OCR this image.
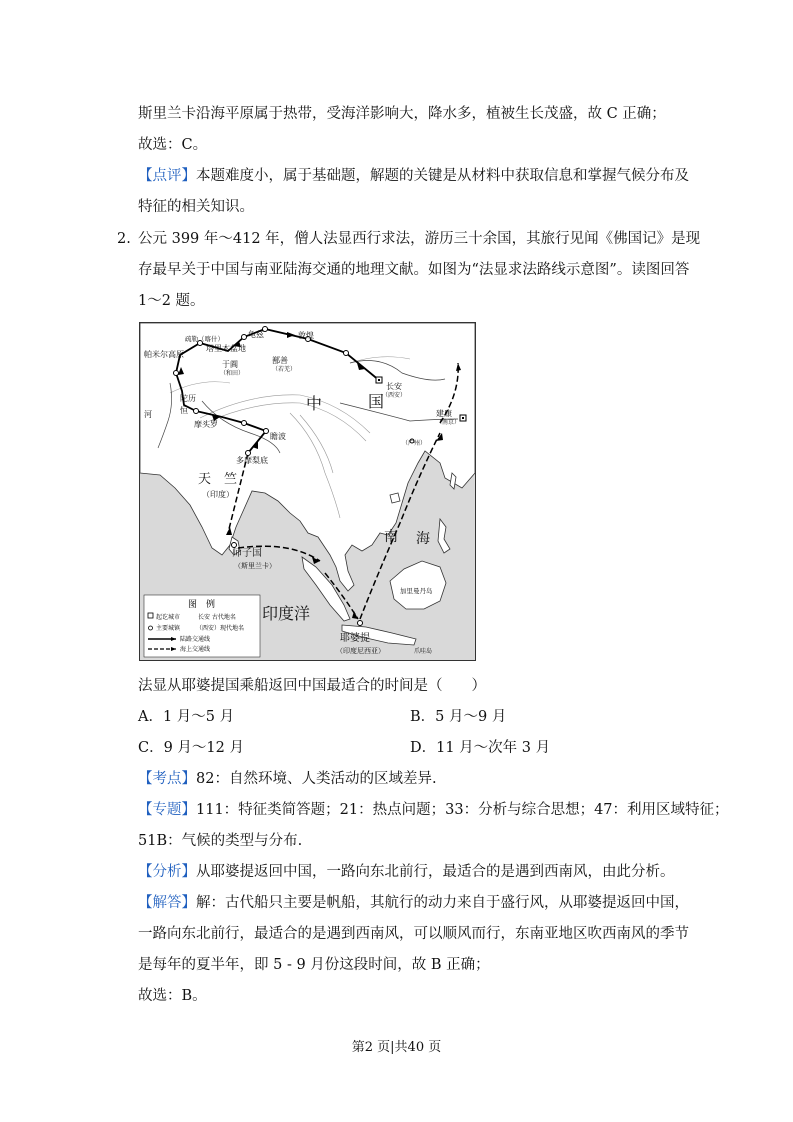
斯里兰卡沿海平原属于热带，受海洋影响大，降水多，植被生长茂盛，故 C 正确；
故选：C。
【点评】本题难度小，属于基础题，解题的关键是从材料中获取信息和掌握气候分布及
特征的相关知识。
2. 公元 399 年～412 年，僧人法显西行求法，游历三十余国，其旅行见闻《佛国记》是现
存最早关于中国与南亚陆海交通的地理文献。如图为“法显求法路线示意图”。读图回答
1～2 题。
帕米尔高原
疏勒（喀什）	龟兹
塔里木盆地
于阗
（和田）
敦煌
鄯善
（若羌）
长安
（西安）
中	国
建康
（南京）
（广州）
陀历
恒
河
摩头罗
瞻波
多摩梨底
天 竺
（印度）
师子国
（斯里兰卡）
南 海
印度洋
加里曼丹岛
耶婆提
（印度尼西亚）	爪哇岛
图　例
起讫城市	长安 古代地名
主要城镇	（西安）现代地名
陆路交通线
海上交通线
法显从耶婆提国乘船返回中国最适合的时间是（　　）
A．1 月～5 月	B．5 月～9 月
C．9 月～12 月	D．11 月～次年 3 月
【考点】82：自然环境、人类活动的区域差异.
【专题】111：特征类简答题；21：热点问题；33：分析与综合思想；47：利用区域特征；
51B：气候的类型与分布.
【分析】从耶婆提返回中国，一路向东北前行，最适合的是遇到西南风，由此分析。
【解答】解：古代船只主要是帆船，其航行的动力来自于盛行风，从耶婆提返回中国，
一路向东北前行，最适合的是遇到西南风，可以顺风而行，东南亚地区吹西南风的季节
是每年的夏半年，即 5 - 9 月份这段时间，故 B 正确；
故选：B。
第2 页|共40 页
